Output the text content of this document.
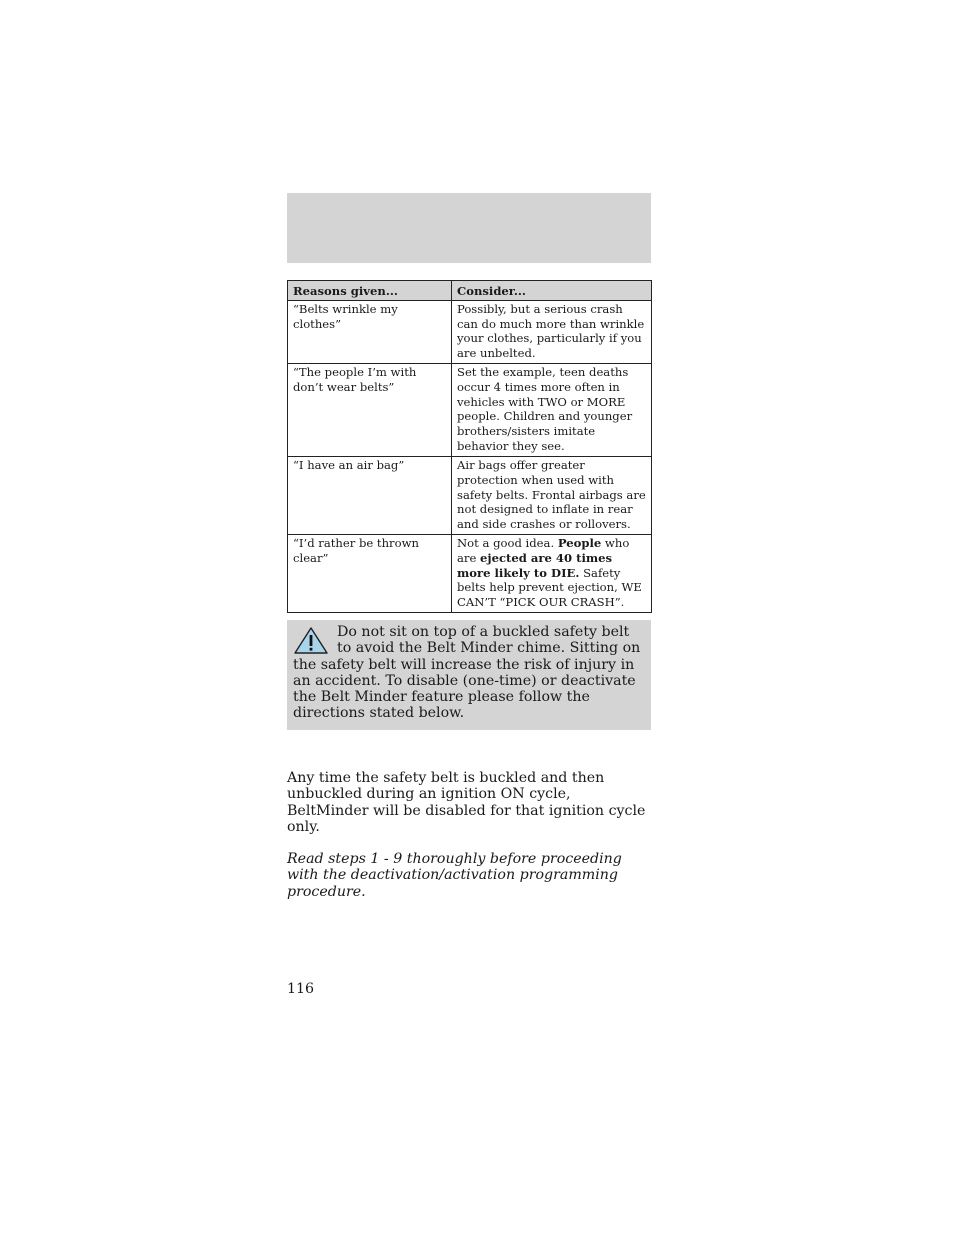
Reasons given...	Consider...
“Belts wrinkle my clothes”	Possibly, but a serious crash can do much more than wrinkle your clothes, particularly if you are unbelted.
“The people I’m with don’t wear belts”	Set the example, teen deaths occur 4 times more often in vehicles with TWO or MORE people. Children and younger brothers/sisters imitate behavior they see.
“I have an air bag”	Air bags offer greater protection when used with safety belts. Frontal airbags are not designed to inflate in rear and side crashes or rollovers.
“I’d rather be thrown clear”	Not a good idea. People who are ejected are 40 times more likely to DIE. Safety belts help prevent ejection, WE CAN’T “PICK OUR CRASH”.
Do not sit on top of a buckled safety belt to avoid the Belt Minder chime. Sitting on the safety belt will increase the risk of injury in an accident. To disable (one-time) or deactivate the Belt Minder feature please follow the directions stated below.

Any time the safety belt is buckled and then unbuckled during an ignition ON cycle, BeltMinder will be disabled for that ignition cycle only.

Read steps 1 - 9 thoroughly before proceeding with the deactivation/activation programming procedure.

116
